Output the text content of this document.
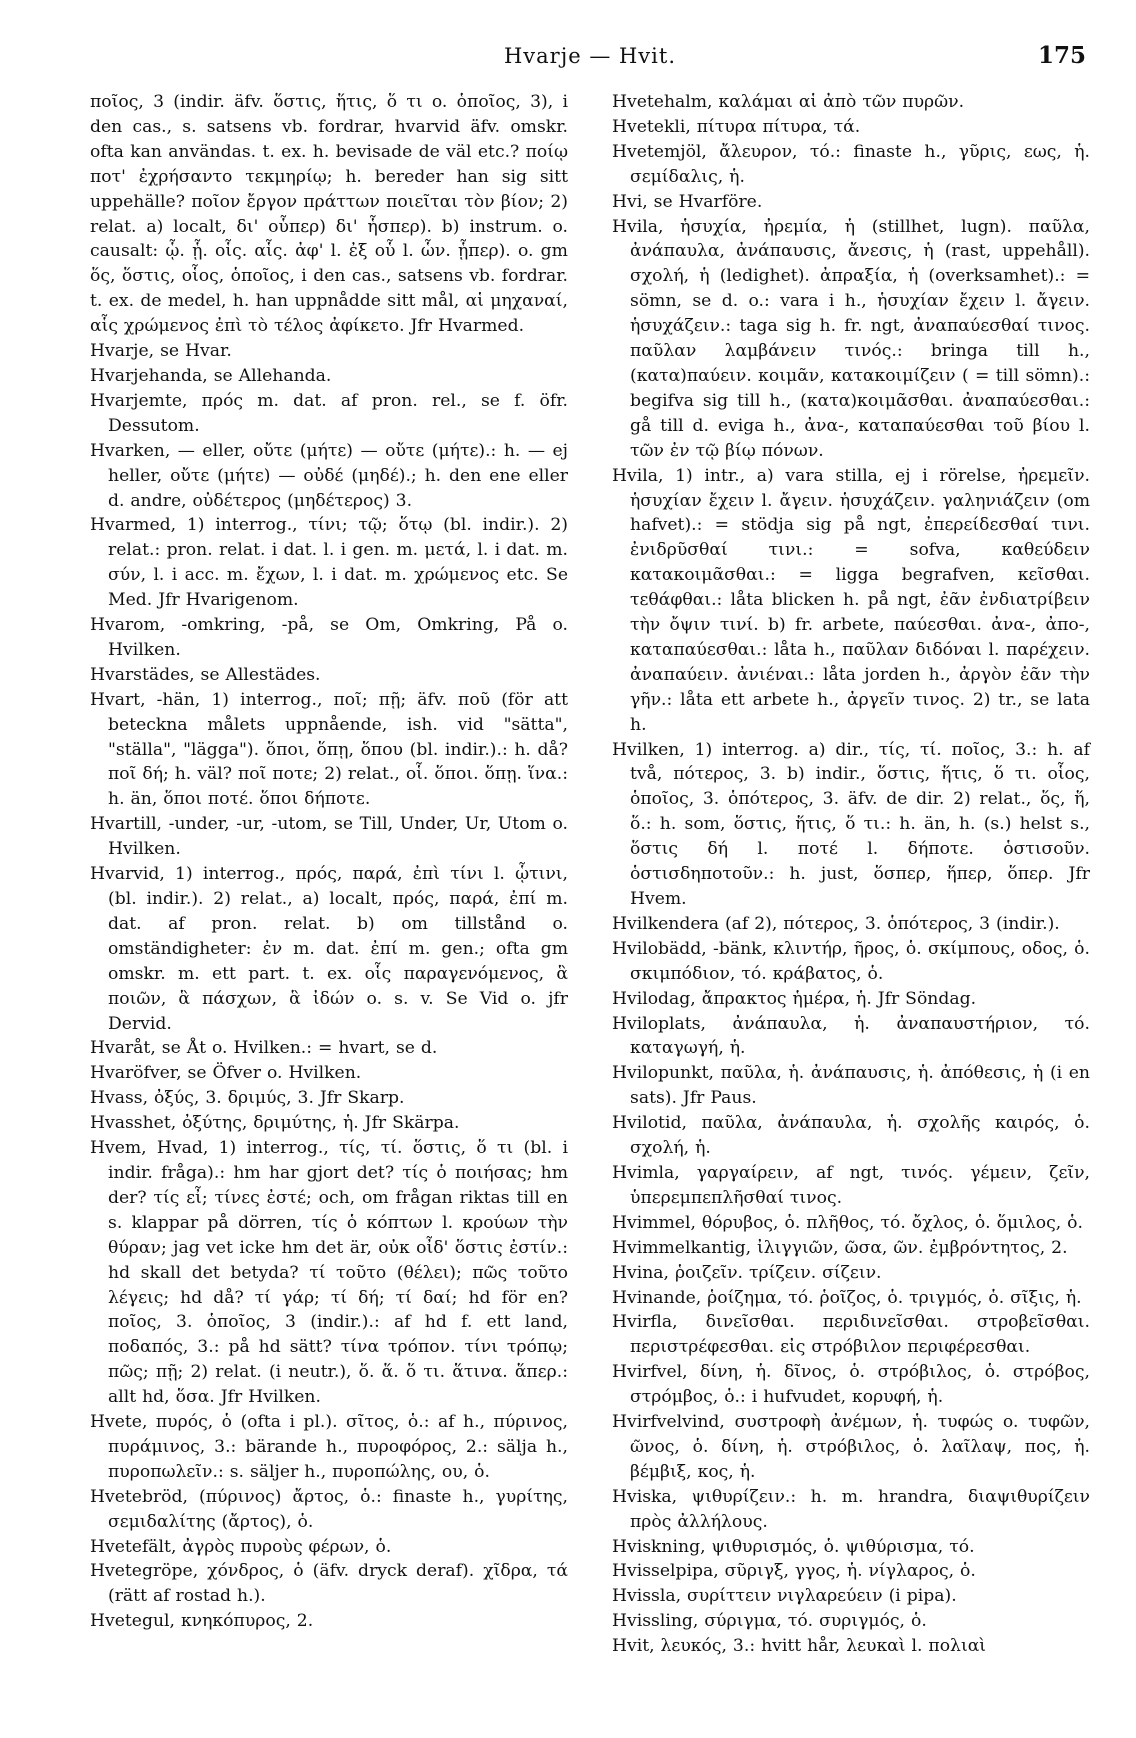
Hvarje — Hvit.	175

ποῖος, 3 (indir. äfv. ὅστις, ἥτις, ὅ τι o. ὁποῖος, 3), i den cas., s. satsens vb. fordrar, hvarvid äfv. omskr. ofta kan användas. t. ex. h. bevisade de väl etc.? ποίῳ ποτ' ἐχρήσαντο τεκμηρίῳ; h. bereder han sig sitt uppehälle? ποῖον ἔργον πράττων ποιεῖται τὸν βίον; 2) relat. a) localt, δι' οὗπερ) δι' ἧσπερ). b) instrum. o. causalt: ᾧ. ᾗ. οἷς. αἷς. ἀφ' l. ἐξ οὗ l. ὧν. ᾗπερ). o. gm ὅς, ὅστις, οἷος, ὁποῖος, i den cas., satsens vb. fordrar. t. ex. de medel, h. han uppnådde sitt mål, αἱ μηχαναί, αἷς χρώμενος ἐπὶ τὸ τέλος ἀφίκετο. Jfr Hvarmed.

Hvarje, se Hvar.

Hvarjehanda, se Allehanda.

Hvarjemte, πρός m. dat. af pron. rel., se f. öfr. Dessutom.

Hvarken, — eller, οὔτε (μήτε) — οὔτε (μήτε).: h. — ej heller, οὔτε (μήτε) — οὐδέ (μηδέ).; h. den ene eller d. andre, οὐδέτερος (μηδέτερος) 3.

Hvarmed, 1) interrog., τίνι; τῷ; ὅτῳ (bl. indir.). 2) relat.: pron. relat. i dat. l. i gen. m. μετά, l. i dat. m. σύν, l. i acc. m. ἔχων, l. i dat. m. χρώμενος etc. Se Med. Jfr Hvarigenom.

Hvarom, -omkring, -på, se Om, Omkring, På o. Hvilken.

Hvarstädes, se Allestädes.

Hvart, -hän, 1) interrog., ποῖ; πῇ; äfv. ποῦ (för att beteckna målets uppnående, ish. vid "sätta", "ställa", "lägga"). ὅποι, ὅπῃ, ὅπου (bl. indir.).: h. då? ποῖ δή; h. väl? ποῖ ποτε; 2) relat., οἷ. ὅποι. ὅπῃ. ἵνα.: h. än, ὅποι ποτέ. ὅποι δήποτε.

Hvartill, -under, -ur, -utom, se Till, Under, Ur, Utom o. Hvilken.

Hvarvid, 1) interrog., πρός, παρά, ἐπὶ τίνι l. ᾧτινι, (bl. indir.). 2) relat., a) localt, πρός, παρά, ἐπί m. dat. af pron. relat. b) om tillstånd o. omständigheter: ἐν m. dat. ἐπί m. gen.; ofta gm omskr. m. ett part. t. ex. οἷς παραγενόμενος, ἃ ποιῶν, ἃ πάσχων, ἃ ἰδών o. s. v. Se Vid o. jfr Dervid.

Hvaråt, se Åt o. Hvilken.: = hvart, se d.

Hvaröfver, se Öfver o. Hvilken.

Hvass, ὀξύς, 3. δριμύς, 3. Jfr Skarp.

Hvasshet, ὀξύτης, δριμύτης, ἡ. Jfr Skärpa.

Hvem, Hvad, 1) interrog., τίς, τί. ὅστις, ὅ τι (bl. i indir. fråga).: hm har gjort det? τίς ὁ ποιήσας; hm der? τίς εἶ; τίνες ἐστέ; och, om frågan riktas till en s. klappar på dörren, τίς ὁ κόπτων l. κρούων τὴν θύραν; jag vet icke hm det är, οὐκ οἶδ' ὅστις ἐστίν.: hd skall det betyda? τί τοῦτο (θέλει); πῶς τοῦτο λέγεις; hd då? τί γάρ; τί δή; τί δαί; hd för en? ποῖος, 3. ὁποῖος, 3 (indir.).: af hd f. ett land, ποδαπός, 3.: på hd sätt? τίνα τρόπον. τίνι τρόπῳ; πῶς; πῇ; 2) relat. (i neutr.), ὅ. ἅ. ὅ τι. ἅτινα. ἅπερ.: allt hd, ὅσα. Jfr Hvilken.

Hvete, πυρός, ὁ (ofta i pl.). σῖτος, ὁ.: af h., πύρινος, πυράμινος, 3.: bärande h., πυροφόρος, 2.: sälja h., πυροπωλεῖν.: s. säljer h., πυροπώλης, ου, ὁ.

Hvetebröd, (πύρινος) ἄρτος, ὁ.: finaste h., γυρίτης, σεμιδαλίτης (ἄρτος), ὁ.

Hvetefält, ἀγρὸς πυροὺς φέρων, ὁ.

Hvetegröpe, χόνδρος, ὁ (äfv. dryck deraf). χῖδρα, τά (rätt af rostad h.).

Hvetegul, κνηκόπυρος, 2.

Hvetehalm, καλάμαι αἱ ἀπὸ τῶν πυρῶν.

Hvetekli, πίτυρα πίτυρα, τά.

Hvetemjöl, ἄλευρον, τό.: finaste h., γῦρις, εως, ἡ. σεμίδαλις, ἡ.

Hvi, se Hvarföre.

Hvila, ἡσυχία, ἠρεμία, ἡ (stillhet, lugn). παῦλα, ἀνάπαυλα, ἀνάπαυσις, ἄνεσις, ἡ (rast, uppehåll). σχολή, ἡ (ledighet). ἀπραξία, ἡ (overksamhet).: = sömn, se d. o.: vara i h., ἡσυχίαν ἔχειν l. ἄγειν. ἡσυχάζειν.: taga sig h. fr. ngt, ἀναπαύεσθαί τινος. παῦλαν λαμβάνειν τινός.: bringa till h., (κατα)παύειν. κοιμᾶν, κατακοιμίζειν ( = till sömn).: begifva sig till h., (κατα)κοιμᾶσθαι. ἀναπαύεσθαι.: gå till d. eviga h., ἀνα-, καταπαύεσθαι τοῦ βίου l. τῶν ἐν τῷ βίῳ πόνων.

Hvila, 1) intr., a) vara stilla, ej i rörelse, ἠρεμεῖν. ἡσυχίαν ἔχειν l. ἄγειν. ἡσυχάζειν. γαληνιάζειν (om hafvet).: = stödja sig på ngt, ἐπερείδεσθαί τινι. ἐνιδρῦσθαί τινι.: = sofva, καθεύδειν κατακοιμᾶσθαι.: = ligga begrafven, κεῖσθαι. τεθάφθαι.: låta blicken h. på ngt, ἐᾶν ἐνδιατρίβειν τὴν ὄψιν τινί. b) fr. arbete, παύεσθαι. ἀνα-, ἀπο-, καταπαύεσθαι.: låta h., παῦλαν διδόναι l. παρέχειν. ἀναπαύειν. ἀνιέναι.: låta jorden h., ἀργὸν ἐᾶν τὴν γῆν.: låta ett arbete h., ἀργεῖν τινος. 2) tr., se lata h.

Hvilken, 1) interrog. a) dir., τίς, τί. ποῖος, 3.: h. af två, πότερος, 3. b) indir., ὅστις, ἥτις, ὅ τι. οἷος, ὁποῖος, 3. ὁπότερος, 3. äfv. de dir. 2) relat., ὅς, ἥ, ὅ.: h. som, ὅστις, ἥτις, ὅ τι.: h. än, h. (s.) helst s., ὅστις δή l. ποτέ l. δήποτε. ὁστισοῦν. ὁστισδηποτοῦν.: h. just, ὅσπερ, ἥπερ, ὅπερ. Jfr Hvem.

Hvilkendera (af 2), πότερος, 3. ὁπότερος, 3 (indir.).

Hvilobädd, -bänk, κλιντήρ, ῆρος, ὁ. σκίμπους, οδος, ὁ. σκιμπόδιον, τό. κράβατος, ὁ.

Hvilodag, ἄπρακτος ἡμέρα, ἡ. Jfr Söndag.

Hviloplats, ἀνάπαυλα, ἡ. ἀναπαυστήριον, τό. καταγωγή, ἡ.

Hvilopunkt, παῦλα, ἡ. ἀνάπαυσις, ἡ. ἀπόθεσις, ἡ (i en sats). Jfr Paus.

Hvilotid, παῦλα, ἀνάπαυλα, ἡ. σχολῆς καιρός, ὁ. σχολή, ἡ.

Hvimla, γαργαίρειν, af ngt, τινός. γέμειν, ζεῖν, ὑπερεμπεπλῆσθαί τινος.

Hvimmel, θόρυβος, ὁ. πλῆθος, τό. ὄχλος, ὁ. ὅμιλος, ὁ.

Hvimmelkantig, ἰλιγγιῶν, ῶσα, ῶν. ἐμβρόντητος, 2.

Hvina, ῥοιζεῖν. τρίζειν. σίζειν.

Hvinande, ῥοίζημα, τό. ῥοῖζος, ὁ. τριγμός, ὁ. σῖξις, ἡ.

Hvirfla, δινεῖσθαι. περιδινεῖσθαι. στροβεῖσθαι. περιστρέφεσθαι. εἰς στρόβιλον περιφέρεσθαι.

Hvirfvel, δίνη, ἡ. δῖνος, ὁ. στρόβιλος, ὁ. στρόβος, στρόμβος, ὁ.: i hufvudet, κορυφή, ἡ.

Hvirfvelvind, συστροφὴ ἀνέμων, ἡ. τυφώς o. τυφῶν, ῶνος, ὁ. δίνη, ἡ. στρόβιλος, ὁ. λαῖλαψ, πος, ἡ. βέμβιξ, κος, ἡ.

Hviska, ψιθυρίζειν.: h. m. hrandra, διαψιθυρίζειν πρὸς ἀλλήλους.

Hviskning, ψιθυρισμός, ὁ. ψιθύρισμα, τό.

Hvisselpipa, σῦριγξ, γγος, ἡ. νίγλαρος, ὁ.

Hvissla, συρίττειν νιγλαρεύειν (i pipa).

Hvissling, σύριγμα, τό. συριγμός, ὁ.

Hvit, λευκός, 3.: hvitt hår, λευκαὶ l. πολιαὶ
